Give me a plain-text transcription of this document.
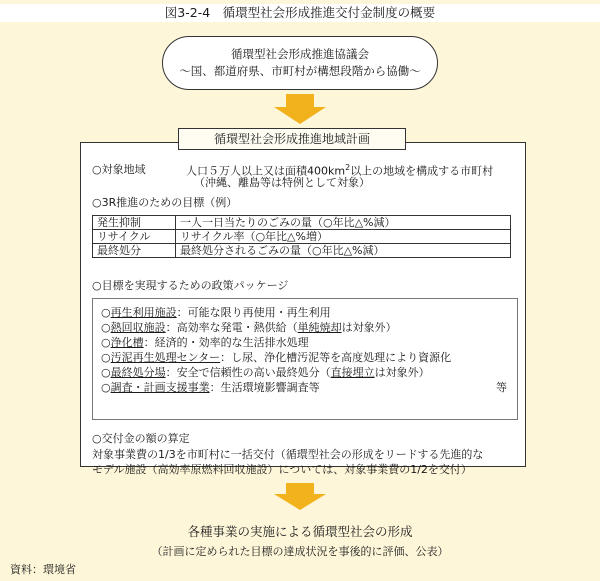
図3-2-4　循環型社会形成推進交付金制度の概要
循環型社会形成推進協議会
～国、都道府県、市町村が構想段階から協働～
循環型社会形成推進地域計画
○対象地域	人口５万人以上又は面積$400km^2$以上の地域を構成する市町村
（沖縄、離島等は特例として対象）
○3R推進のための目標（例）
発生抑制	一人一日当たりのごみの量（○年比△%減）
リサイクル	リサイクル率（○年比△%増）
最終処分	最終処分されるごみの量（○年比△%減）
○目標を実現するための政策パッケージ
○再生利用施設：可能な限り再使用・再生利用
○熱回収施設：高効率な発電・熱供給（単純焼却は対象外）
○浄化槽：経済的・効率的な生活排水処理
○汚泥再生処理センター：し尿、浄化槽汚泥等を高度処理により資源化
○最終処分場：安全で信頼性の高い最終処分（直接埋立は対象外）
○調査・計画支援事業：生活環境影響調査等	等
○交付金の額の算定
対象事業費の1/3を市町村に一括交付（循環型社会の形成をリードする先進的な
モデル施設（高効率原燃料回収施設）については、対象事業費の1/2を交付）
各種事業の実施による循環型社会の形成
（計画に定められた目標の達成状況を事後的に評価、公表）
資料：環境省
